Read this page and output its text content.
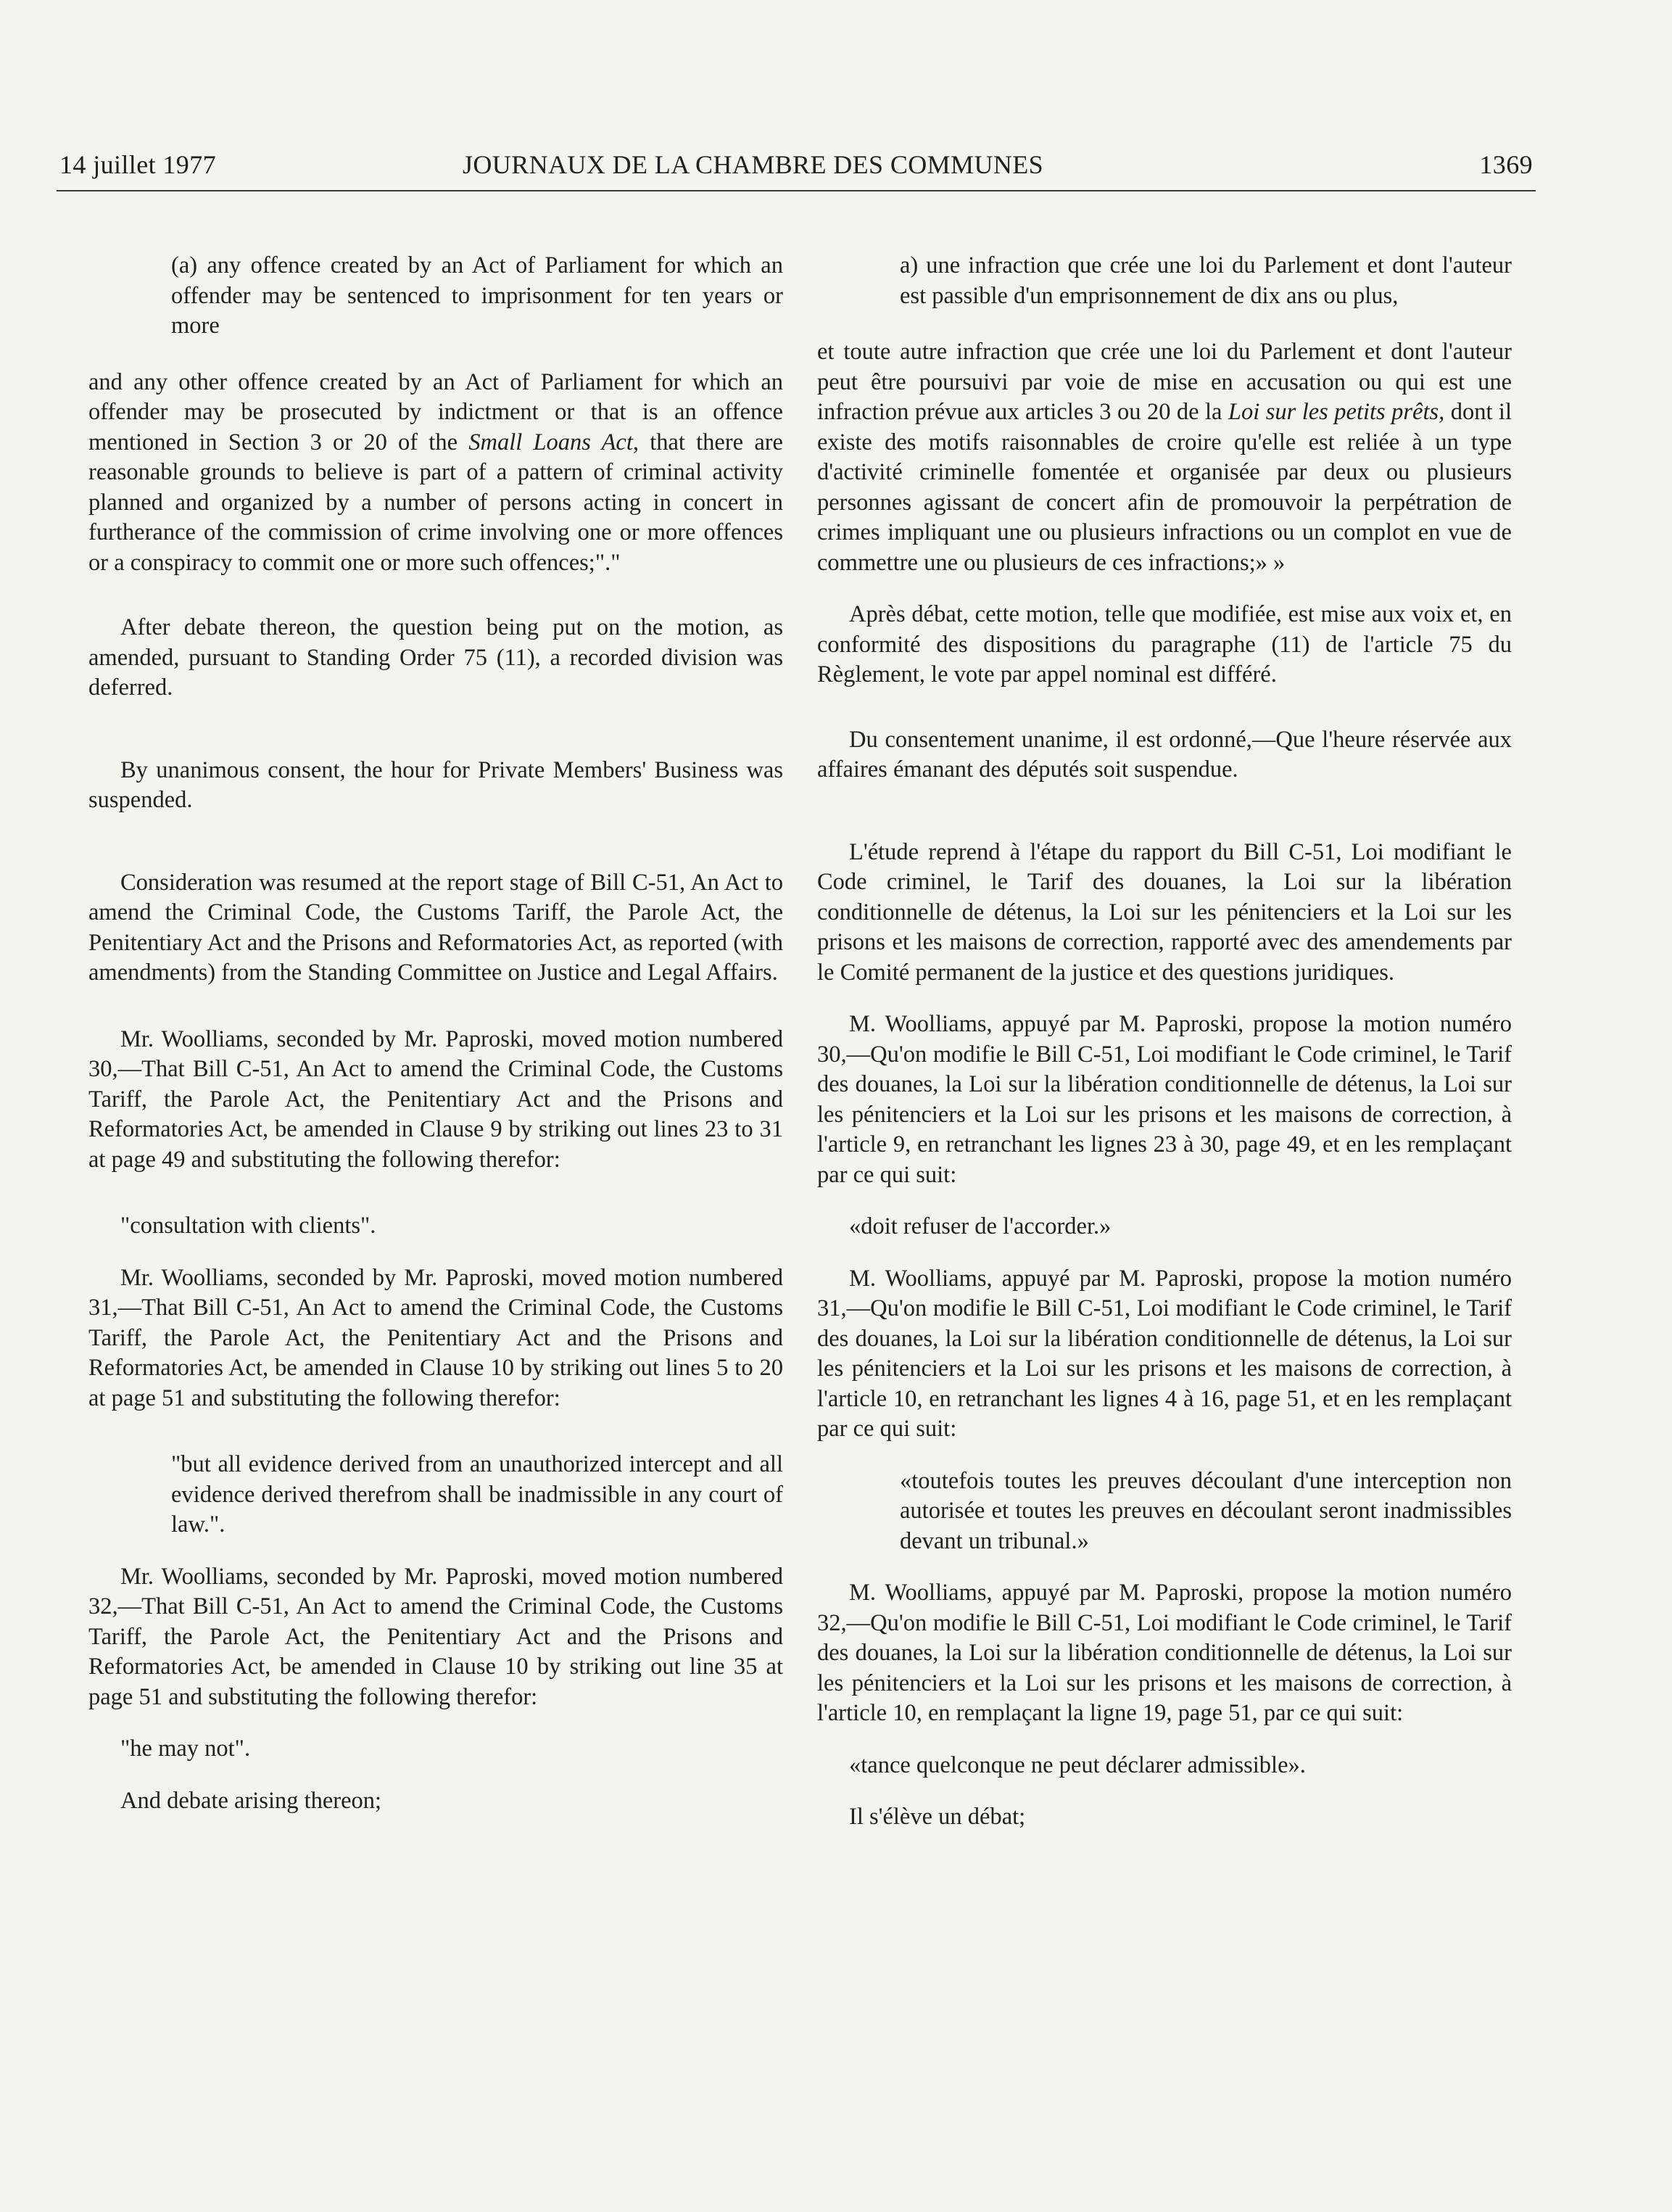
14 juillet 1977	JOURNAUX DE LA CHAMBRE DES COMMUNES	1369

(a) any offence created by an Act of Parliament for which an offender may be sentenced to imprisonment for ten years or more

and any other offence created by an Act of Parliament for which an offender may be prosecuted by indictment or that is an offence mentioned in Section 3 or 20 of the Small Loans Act, that there are reasonable grounds to believe is part of a pattern of criminal activity planned and organized by a number of persons acting in concert in furtherance of the commission of crime involving one or more offences or a conspiracy to commit one or more such offences;"."

After debate thereon, the question being put on the motion, as amended, pursuant to Standing Order 75 (11), a recorded division was deferred.

By unanimous consent, the hour for Private Members' Business was suspended.

Consideration was resumed at the report stage of Bill C-51, An Act to amend the Criminal Code, the Customs Tariff, the Parole Act, the Penitentiary Act and the Prisons and Reformatories Act, as reported (with amendments) from the Standing Committee on Justice and Legal Affairs.

Mr. Woolliams, seconded by Mr. Paproski, moved motion numbered 30,—That Bill C-51, An Act to amend the Criminal Code, the Customs Tariff, the Parole Act, the Penitentiary Act and the Prisons and Reformatories Act, be amended in Clause 9 by striking out lines 23 to 31 at page 49 and substituting the following therefor:

"consultation with clients".

Mr. Woolliams, seconded by Mr. Paproski, moved motion numbered 31,—That Bill C-51, An Act to amend the Criminal Code, the Customs Tariff, the Parole Act, the Penitentiary Act and the Prisons and Reformatories Act, be amended in Clause 10 by striking out lines 5 to 20 at page 51 and substituting the following therefor:

"but all evidence derived from an unauthorized intercept and all evidence derived therefrom shall be inadmissible in any court of law.".

Mr. Woolliams, seconded by Mr. Paproski, moved motion numbered 32,—That Bill C-51, An Act to amend the Criminal Code, the Customs Tariff, the Parole Act, the Penitentiary Act and the Prisons and Reformatories Act, be amended in Clause 10 by striking out line 35 at page 51 and substituting the following therefor:

"he may not".

And debate arising thereon;

a) une infraction que crée une loi du Parlement et dont l'auteur est passible d'un emprisonnement de dix ans ou plus,

et toute autre infraction que crée une loi du Parlement et dont l'auteur peut être poursuivi par voie de mise en accusation ou qui est une infraction prévue aux articles 3 ou 20 de la Loi sur les petits prêts, dont il existe des motifs raisonnables de croire qu'elle est reliée à un type d'activité criminelle fomentée et organisée par deux ou plusieurs personnes agissant de concert afin de promouvoir la perpétration de crimes impliquant une ou plusieurs infractions ou un complot en vue de commettre une ou plusieurs de ces infractions;» »

Après débat, cette motion, telle que modifiée, est mise aux voix et, en conformité des dispositions du paragraphe (11) de l'article 75 du Règlement, le vote par appel nominal est différé.

Du consentement unanime, il est ordonné,—Que l'heure réservée aux affaires émanant des députés soit suspendue.

L'étude reprend à l'étape du rapport du Bill C-51, Loi modifiant le Code criminel, le Tarif des douanes, la Loi sur la libération conditionnelle de détenus, la Loi sur les pénitenciers et la Loi sur les prisons et les maisons de correction, rapporté avec des amendements par le Comité permanent de la justice et des questions juridiques.

M. Woolliams, appuyé par M. Paproski, propose la motion numéro 30,—Qu'on modifie le Bill C-51, Loi modifiant le Code criminel, le Tarif des douanes, la Loi sur la libération conditionnelle de détenus, la Loi sur les pénitenciers et la Loi sur les prisons et les maisons de correction, à l'article 9, en retranchant les lignes 23 à 30, page 49, et en les remplaçant par ce qui suit:

«doit refuser de l'accorder.»

M. Woolliams, appuyé par M. Paproski, propose la motion numéro 31,—Qu'on modifie le Bill C-51, Loi modifiant le Code criminel, le Tarif des douanes, la Loi sur la libération conditionnelle de détenus, la Loi sur les pénitenciers et la Loi sur les prisons et les maisons de correction, à l'article 10, en retranchant les lignes 4 à 16, page 51, et en les remplaçant par ce qui suit:

«toutefois toutes les preuves découlant d'une interception non autorisée et toutes les preuves en découlant seront inadmissibles devant un tribunal.»

M. Woolliams, appuyé par M. Paproski, propose la motion numéro 32,—Qu'on modifie le Bill C-51, Loi modifiant le Code criminel, le Tarif des douanes, la Loi sur la libération conditionnelle de détenus, la Loi sur les pénitenciers et la Loi sur les prisons et les maisons de correction, à l'article 10, en remplaçant la ligne 19, page 51, par ce qui suit:

«tance quelconque ne peut déclarer admissible».

Il s'élève un débat;
